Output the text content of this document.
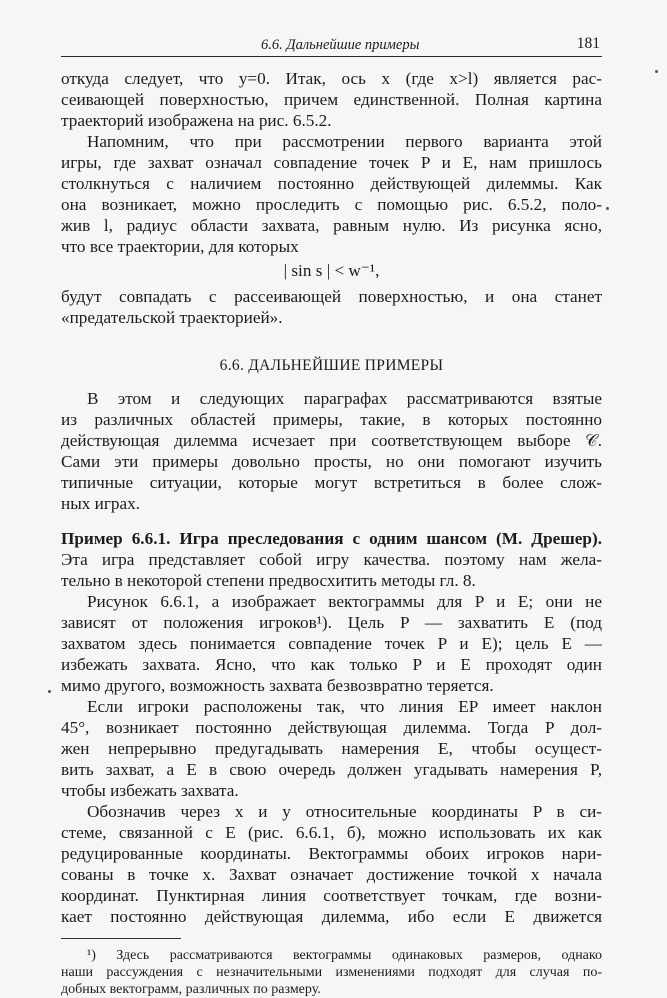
6.6. Дальнейшие примеры	181

откуда следует, что y=0. Итак, ось x (где x>l) является рас-

сеивающей поверхностью, причем единственной. Полная картина

траекторий изображена на рис. 6.5.2.

Напомним, что при рассмотрении первого варианта этой

игры, где захват означал совпадение точек P и E, нам пришлось

столкнуться с наличием постоянно действующей дилеммы. Как

она возникает, можно проследить с помощью рис. 6.5.2, поло-

жив l, радиус области захвата, равным нулю. Из рисунка ясно,

что все траектории, для которых

| sin s | < w⁻¹,

будут совпадать с рассеивающей поверхностью, и она станет

«предательской траекторией».

6.6. ДАЛЬНЕЙШИЕ ПРИМЕРЫ

В этом и следующих параграфах рассматриваются взятые

из различных областей примеры, такие, в которых постоянно

действующая дилемма исчезает при соответствующем выборе 𝒞.

Сами эти примеры довольно просты, но они помогают изучить

типичные ситуации, которые могут встретиться в более слож-

ных играх.

Пример 6.6.1. Игра преследования с одним шансом (М. Дрешер).

Эта игра представляет собой игру качества. поэтому нам жела-

тельно в некоторой степени предвосхитить методы гл. 8.

Рисунок 6.6.1, a изображает вектограммы для P и E; они не

зависят от положения игроков¹). Цель P — захватить E (под

захватом здесь понимается совпадение точек P и E); цель E —

избежать захвата. Ясно, что как только P и E проходят один

мимо другого, возможность захвата безвозвратно теряется.

Если игроки расположены так, что линия EP имеет наклон

45°, возникает постоянно действующая дилемма. Тогда P дол-

жен непрерывно предугадывать намерения E, чтобы осущест-

вить захват, а E в свою очередь должен угадывать намерения P,

чтобы избежать захвата.

Обозначив через x и y относительные координаты P в си-

стеме, связанной с E (рис. 6.6.1, б), можно использовать их как

редуцированные координаты. Вектограммы обоих игроков нари-

сованы в точке x. Захват означает достижение точкой x начала

координат. Пунктирная линия соответствует точкам, где возни-

кает постоянно действующая дилемма, ибо если E движется

¹) Здесь рассматриваются вектограммы одинаковых размеров, однако

наши рассуждения с незначительными изменениями подходят для случая по-

добных вектограмм, различных по размеру.
